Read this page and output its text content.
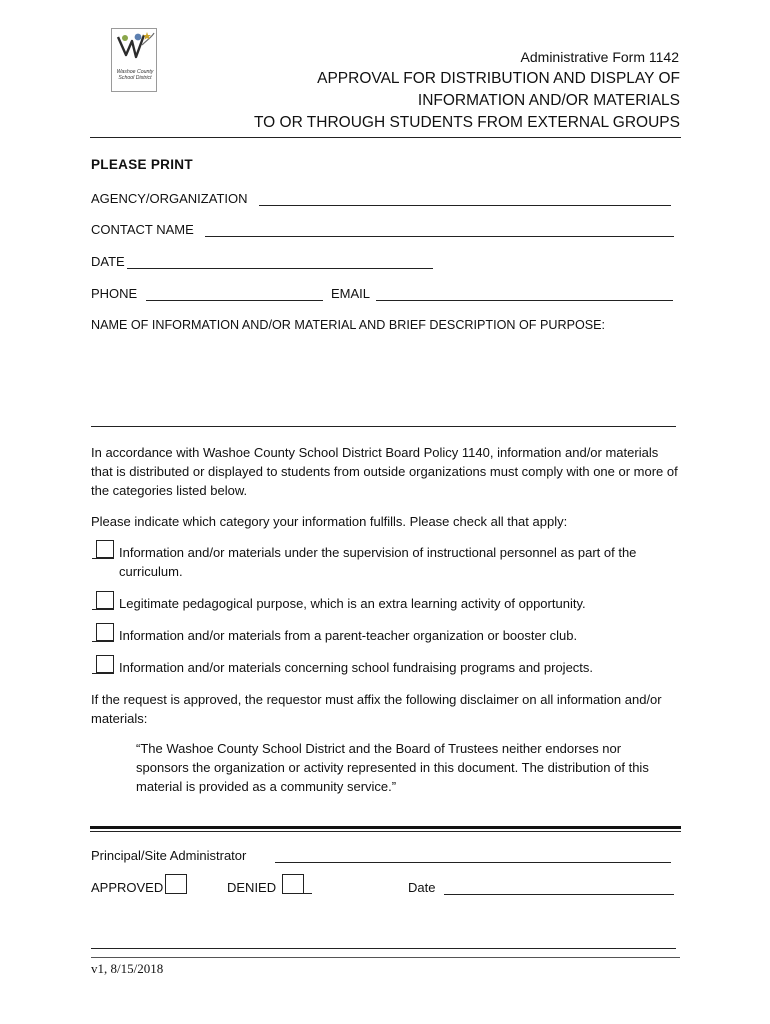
Washoe County School District
Administrative Form 1142
APPROVAL FOR DISTRIBUTION AND DISPLAY OF
INFORMATION AND/OR MATERIALS
TO OR THROUGH STUDENTS FROM EXTERNAL GROUPS
PLEASE PRINT
AGENCY/ORGANIZATION
CONTACT NAME
DATE
PHONE	EMAIL
NAME OF INFORMATION AND/OR MATERIAL AND BRIEF DESCRIPTION OF PURPOSE:
In accordance with Washoe County School District Board Policy 1140, information and/or materials that is distributed or displayed to students from outside organizations must comply with one or more of the categories listed below.
Please indicate which category your information fulfills. Please check all that apply:
Information and/or materials under the supervision of instructional personnel as part of the curriculum.
Legitimate pedagogical purpose, which is an extra learning activity of opportunity.
Information and/or materials from a parent-teacher organization or booster club.
Information and/or materials concerning school fundraising programs and projects.
If the request is approved, the requestor must affix the following disclaimer on all information and/or materials:
“The Washoe County School District and the Board of Trustees neither endorses nor sponsors the organization or activity represented in this document. The distribution of this material is provided as a community service.”
Principal/Site Administrator
APPROVED	DENIED	Date
v1, 8/15/2018
